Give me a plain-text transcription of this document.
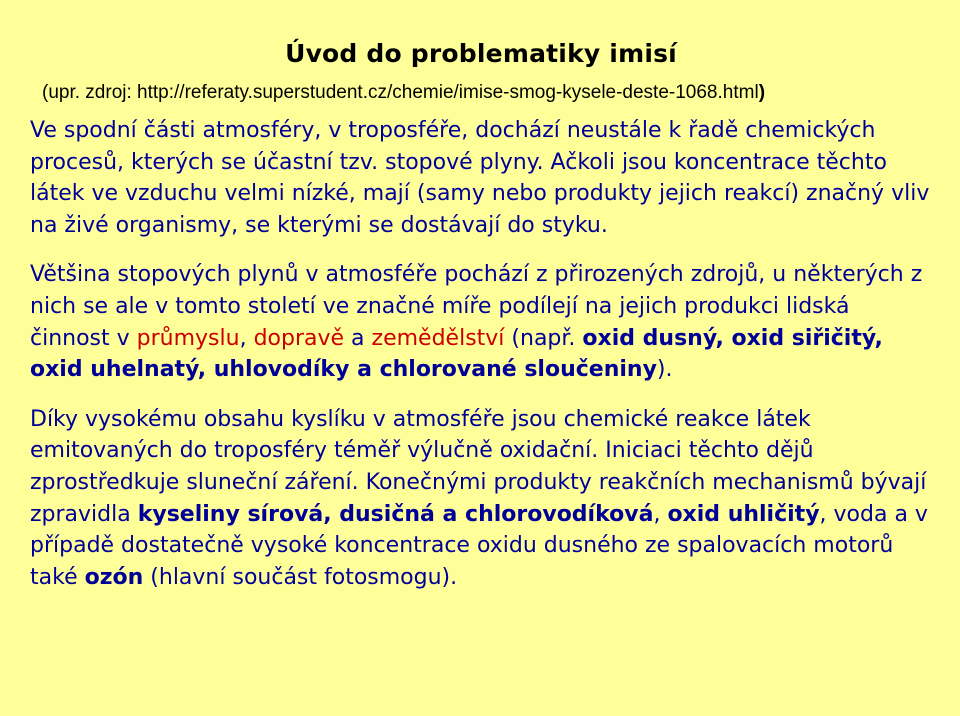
Úvod do problematiky imisí
(upr. zdroj: http://referaty.superstudent.cz/chemie/imise-smog-kysele-deste-1068.html)

Ve spodní části atmosféry, v troposféře, dochází neustále k řadě chemických procesů, kterých se účastní tzv. stopové plyny. Ačkoli jsou koncentrace těchto látek ve vzduchu velmi nízké, mají (samy nebo produkty jejich reakcí) značný vliv na živé organismy, se kterými se dostávají do styku.

Většina stopových plynů v atmosféře pochází z přirozených zdrojů, u některých z nich se ale v tomto století ve značné míře podílejí na jejich produkci lidská činnost v průmyslu, dopravě a zemědělství (např. oxid dusný, oxid siřičitý, oxid uhelnatý, uhlovodíky a chlorované sloučeniny).

Díky vysokému obsahu kyslíku v atmosféře jsou chemické reakce látek emitovaných do troposféry téměř výlučně oxidační. Iniciaci těchto dějů zprostředkuje sluneční záření. Konečnými produkty reakčních mechanismů bývají zpravidla kyseliny sírová, dusičná a chlorovodíková, oxid uhličitý, voda a v případě dostatečně vysoké koncentrace oxidu dusného ze spalovacích motorů také ozón (hlavní součást fotosmogu).
